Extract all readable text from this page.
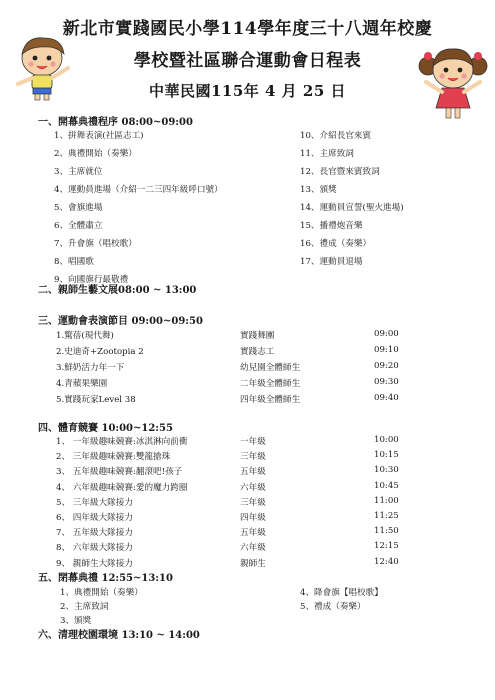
新北市實踐國民小學114學年度三十八週年校慶
學校暨社區聯合運動會日程表
中華民國115年 4 月 25 日
一、開幕典禮程序 08:00~09:00
1、拼舞表演(社區志工)
2、典禮開始（奏樂）
3、主席就位
4、運動員進場（介紹一二三四年級呼口號）
5、會旗進場
6、全體肅立
7、升會旗（唱校歌）
8、唱國歌
9、向國旗行最敬禮
10、介紹長官來賓
11、主席致詞
12、長官暨來賓致詞
13、頒獎
14、運動員宣誓(聖火進場)
15、播禮炮音樂
16、禮成（奏樂）
17、運動員退場
二、親師生藝文展08:00 ~ 13:00
三、運動會表演節目 09:00~09:50
1.驚蓓(現代舞)	實踐舞團	09:00
2.史迪奇+Zootopia 2	實踐志工	09:10
3.鮮奶活力年一下	幼兒園全體師生	09:20
4.青蘋果樂園	二年級全體師生	09:30
5.實踐玩家Level 38	四年級全體師生	09:40
四、體育競賽 10:00~12:55
1、 一年級趣味競賽:冰淇淋向前衝	一年級	10:00
2、 三年級趣味競賽:雙龍搶珠	三年級	10:15
3、 五年級趣味競賽:翻滾吧!孩子	五年級	10:30
4、 六年級趣味競賽:愛的魔力跨圈	六年級	10:45
5、 三年級大隊接力	三年級	11:00
6、 四年級大隊接力	四年級	11:25
7、 五年級大隊接力	五年級	11:50
8、 六年級大隊接力	六年級	12:15
9、 親師生大隊接力	親師生	12:40
五、閉幕典禮 12:55~13:10
1、典禮開始（奏樂）
2、主席致詞
3、頒獎
4、降會旗【唱校歌】
5、禮成（奏樂）
六、清理校園環境 13:10 ~ 14:00
